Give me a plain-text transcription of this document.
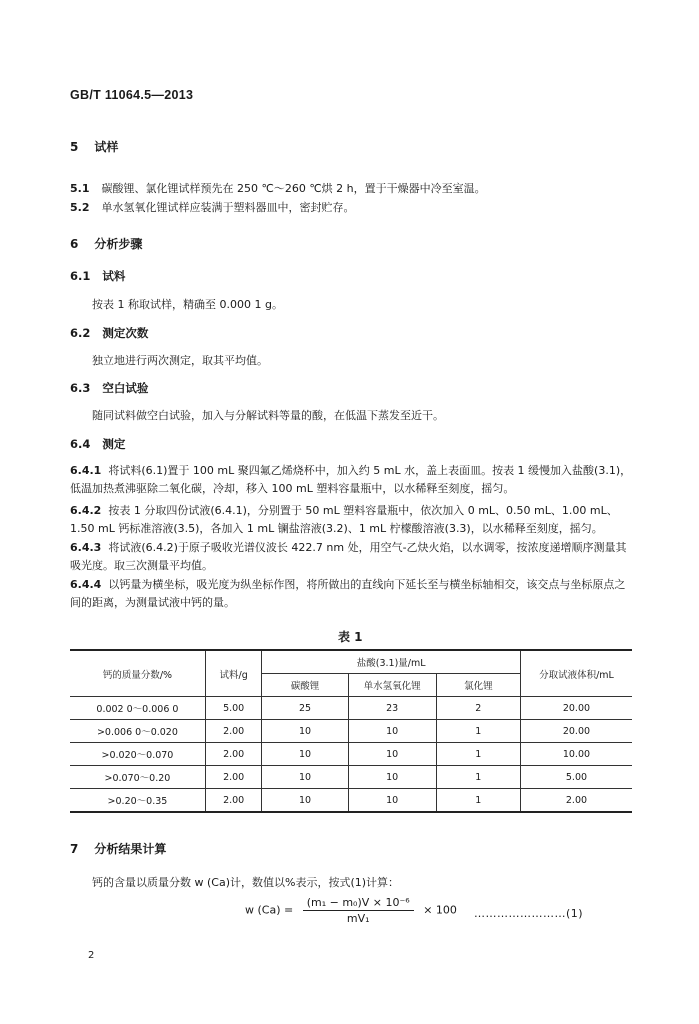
GB/T 11064.5—2013
5 试样
5.1 碳酸锂、氯化锂试样预先在 250 ℃～260 ℃烘 2 h，置于干燥器中冷至室温。
5.2 单水氢氧化锂试样应装满于塑料器皿中，密封贮存。
6 分析步骤
6.1 试料
按表 1 称取试样，精确至 0.000 1 g。
6.2 测定次数
独立地进行两次测定，取其平均值。
6.3 空白试验
随同试料做空白试验，加入与分解试料等量的酸，在低温下蒸发至近干。
6.4 测定
6.4.1 将试料(6.1)置于 100 mL 聚四氟乙烯烧杯中，加入约 5 mL 水，盖上表面皿。按表 1 缓慢加入盐酸(3.1)，低温加热煮沸驱除二氧化碳，冷却，移入 100 mL 塑料容量瓶中，以水稀释至刻度，摇匀。
6.4.2 按表 1 分取四份试液(6.4.1)，分别置于 50 mL 塑料容量瓶中，依次加入 0 mL、0.50 mL、1.00 mL、1.50 mL 钙标准溶液(3.5)，各加入 1 mL 镧盐溶液(3.2)、1 mL 柠檬酸溶液(3.3)，以水稀释至刻度，摇匀。
6.4.3 将试液(6.4.2)于原子吸收光谱仪波长 422.7 nm 处，用空气-乙炔火焰，以水调零，按浓度递增顺序测量其吸光度。取三次测量平均值。
6.4.4 以钙量为横坐标，吸光度为纵坐标作图，将所做出的直线向下延长至与横坐标轴相交，该交点与坐标原点之间的距离，为测量试液中钙的量。
表 1
钙的质量分数/%	试料/g	盐酸(3.1)量/mL			分取试液体积/mL
		碳酸锂	单水氢氧化锂	氯化锂	
0.002 0～0.006 0	5.00	25	23	2	20.00
>0.006 0～0.020	2.00	10	10	1	20.00
>0.020～0.070	2.00	10	10	1	10.00
>0.070～0.20	2.00	10	10	1	5.00
>0.20～0.35	2.00	10	10	1	2.00
7 分析结果计算
钙的含量以质量分数 w (Ca)计，数值以%表示，按式(1)计算：
w $(Ca) = \frac{\text{(m₁ − m₀)V × 10⁻⁶}}{\text{mV₁}} \times 100$ ……………………(1)
2
